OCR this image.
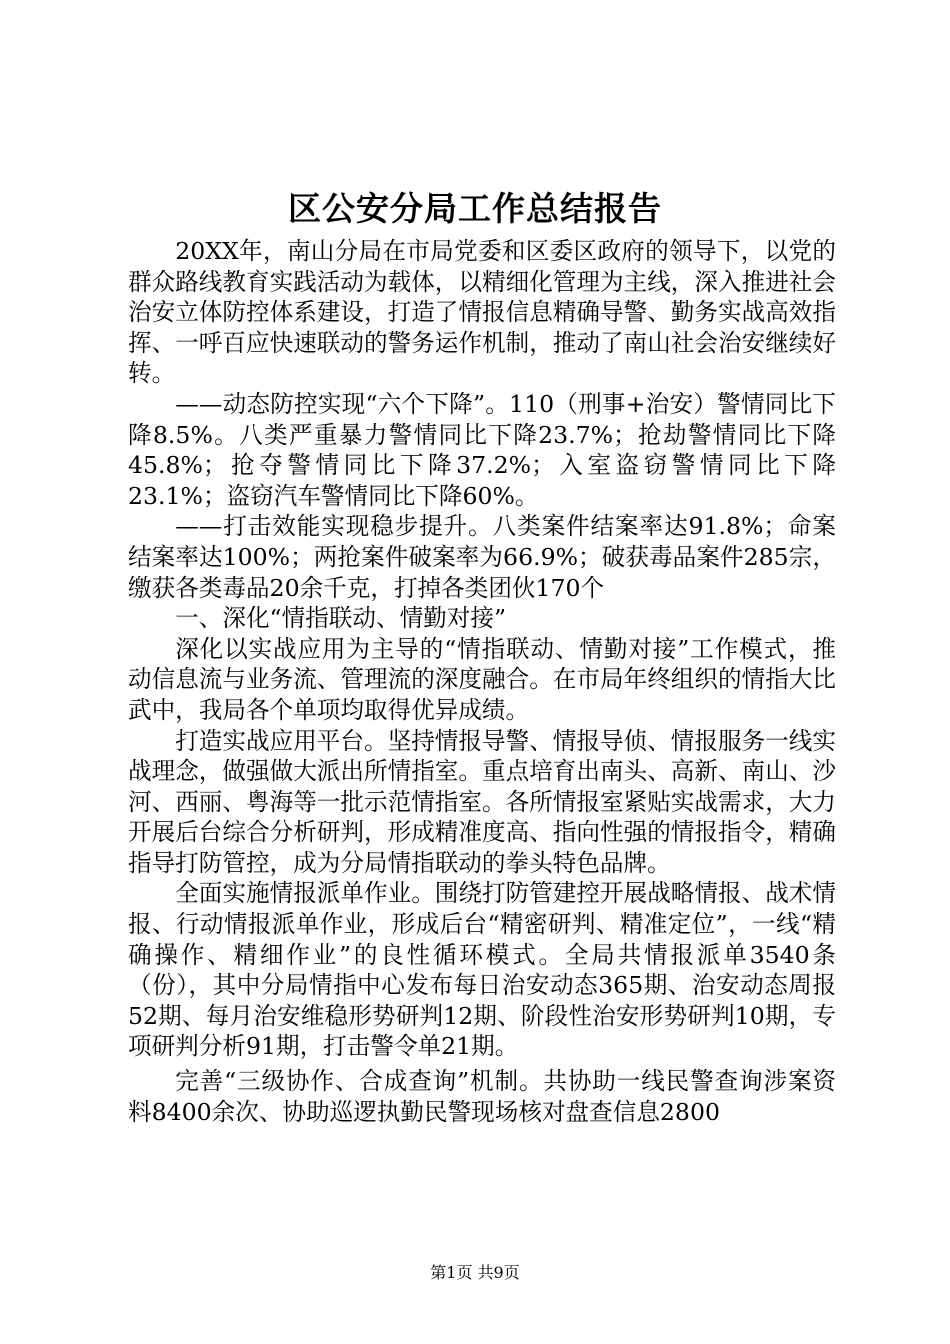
区公安分局工作总结报告

20XX年，南山分局在市局党委和区委区政府的领导下，以党的群众路线教育实践活动为载体，以精细化管理为主线，深入推进社会治安立体防控体系建设，打造了情报信息精确导警、勤务实战高效指挥、一呼百应快速联动的警务运作机制，推动了南山社会治安继续好转。

——动态防控实现“六个下降”。110（刑事+治安）警情同比下降8.5%。八类严重暴力警情同比下降23.7%；抢劫警情同比下降45.8%；抢夺警情同比下降37.2%；入室盗窃警情同比下降23.1%；盗窃汽车警情同比下降60%。

——打击效能实现稳步提升。八类案件结案率达91.8%；命案结案率达100%；两抢案件破案率为66.9%；破获毒品案件285宗，缴获各类毒品20余千克，打掉各类团伙170个

一、深化“情指联动、情勤对接”

深化以实战应用为主导的“情指联动、情勤对接”工作模式，推动信息流与业务流、管理流的深度融合。在市局年终组织的情指大比武中，我局各个单项均取得优异成绩。

打造实战应用平台。坚持情报导警、情报导侦、情报服务一线实战理念，做强做大派出所情指室。重点培育出南头、高新、南山、沙河、西丽、粤海等一批示范情指室。各所情报室紧贴实战需求，大力开展后台综合分析研判，形成精准度高、指向性强的情报指令，精确指导打防管控，成为分局情指联动的拳头特色品牌。

全面实施情报派单作业。围绕打防管建控开展战略情报、战术情报、行动情报派单作业，形成后台“精密研判、精准定位”，一线“精确操作、精细作业”的良性循环模式。全局共情报派单3540条（份），其中分局情指中心发布每日治安动态365期、治安动态周报52期、每月治安维稳形势研判12期、阶段性治安形势研判10期，专项研判分析91期，打击警令单21期。

完善“三级协作、合成查询”机制。共协助一线民警查询涉案资料8400余次、协助巡逻执勤民警现场核对盘查信息2800

第1页 共9页
